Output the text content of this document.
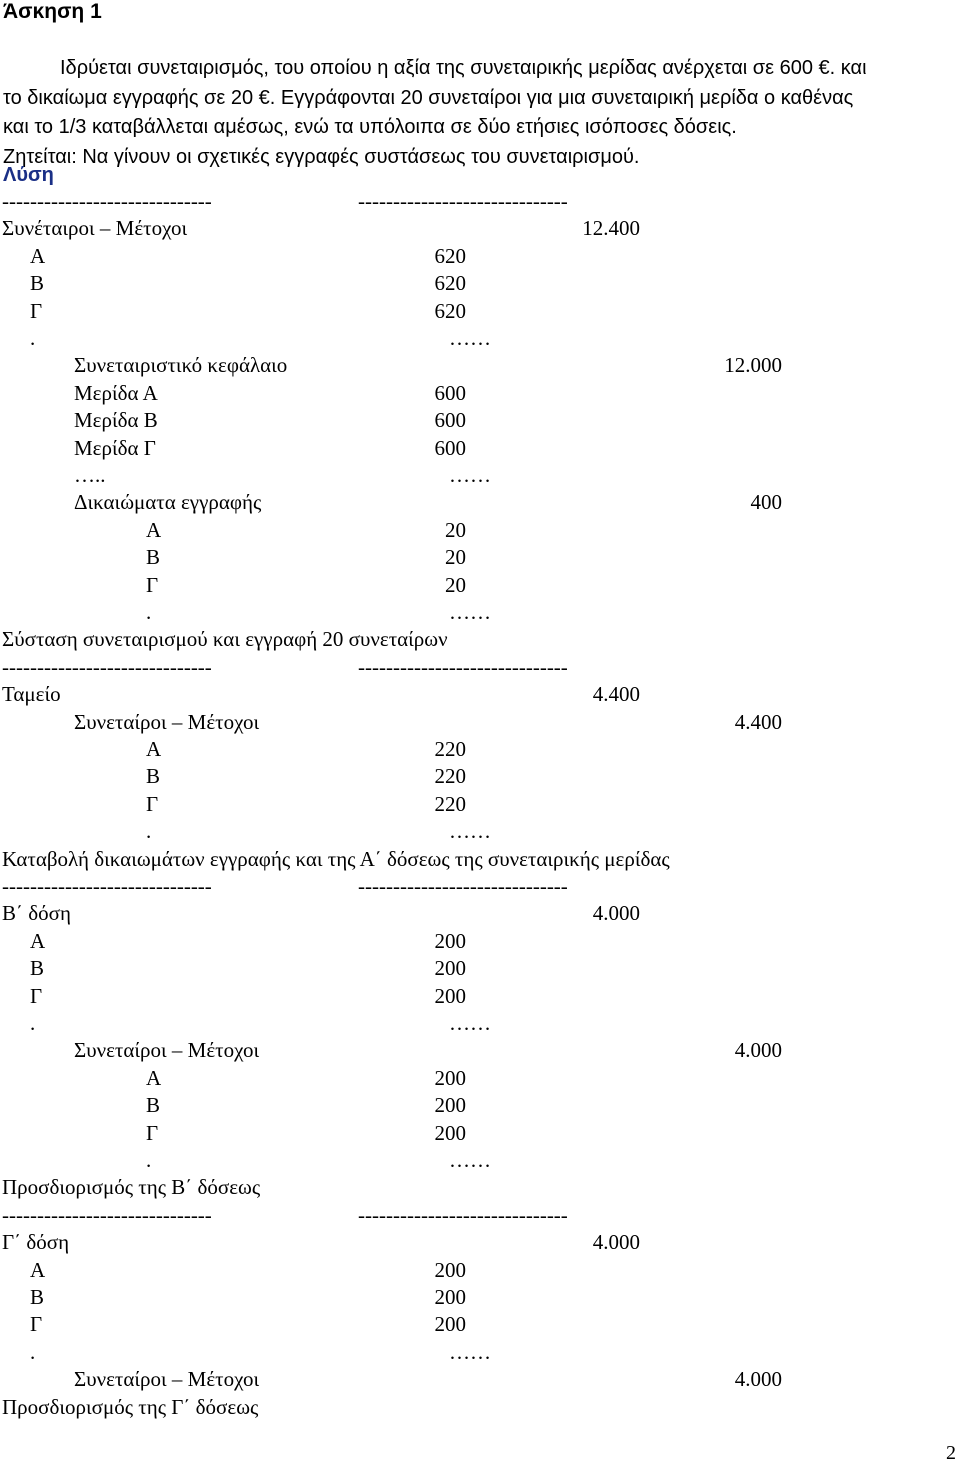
Άσκηση 1
Ιδρύεται συνεταιρισμός, του οποίου η αξία της συνεταιρικής μερίδας ανέρχεται σε 600 €. και
το δικαίωμα εγγραφής σε 20 €. Εγγράφονται 20 συνεταίροι για μια συνεταιρική μερίδα ο καθένας
και το 1/3 καταβάλλεται αμέσως, ενώ τα υπόλοιπα σε δύο ετήσιες ισόποσες δόσεις.
Ζητείται: Να γίνουν οι σχετικές εγγραφές συστάσεως του συνεταιρισμού.
Λύση
------------------------------	------------------------------
Συνέταιροι – Μέτοχοι	12.400
Α	620
Β	620
Γ	620
.	……
Συνεταιριστικό κεφάλαιο	12.000
Μερίδα Α	600
Μερίδα Β	600
Μερίδα Γ	600
…..	……
Δικαιώματα εγγραφής	400
Α	20
Β	20
Γ	20
.	……
Σύσταση συνεταιρισμού και εγγραφή 20 συνεταίρων
------------------------------	------------------------------
Ταμείο	4.400
Συνεταίροι – Μέτοχοι	4.400
Α	220
Β	220
Γ	220
.	……
Καταβολή δικαιωμάτων εγγραφής και της Α΄ δόσεως της συνεταιρικής μερίδας
------------------------------	------------------------------
Β΄ δόση	4.000
Α	200
Β	200
Γ	200
.	……
Συνεταίροι – Μέτοχοι	4.000
Α	200
Β	200
Γ	200
.	……
Προσδιορισμός της Β΄ δόσεως
------------------------------	------------------------------
Γ΄ δόση	4.000
Α	200
Β	200
Γ	200
.	……
Συνεταίροι – Μέτοχοι	4.000
Προσδιορισμός της Γ΄ δόσεως
2
